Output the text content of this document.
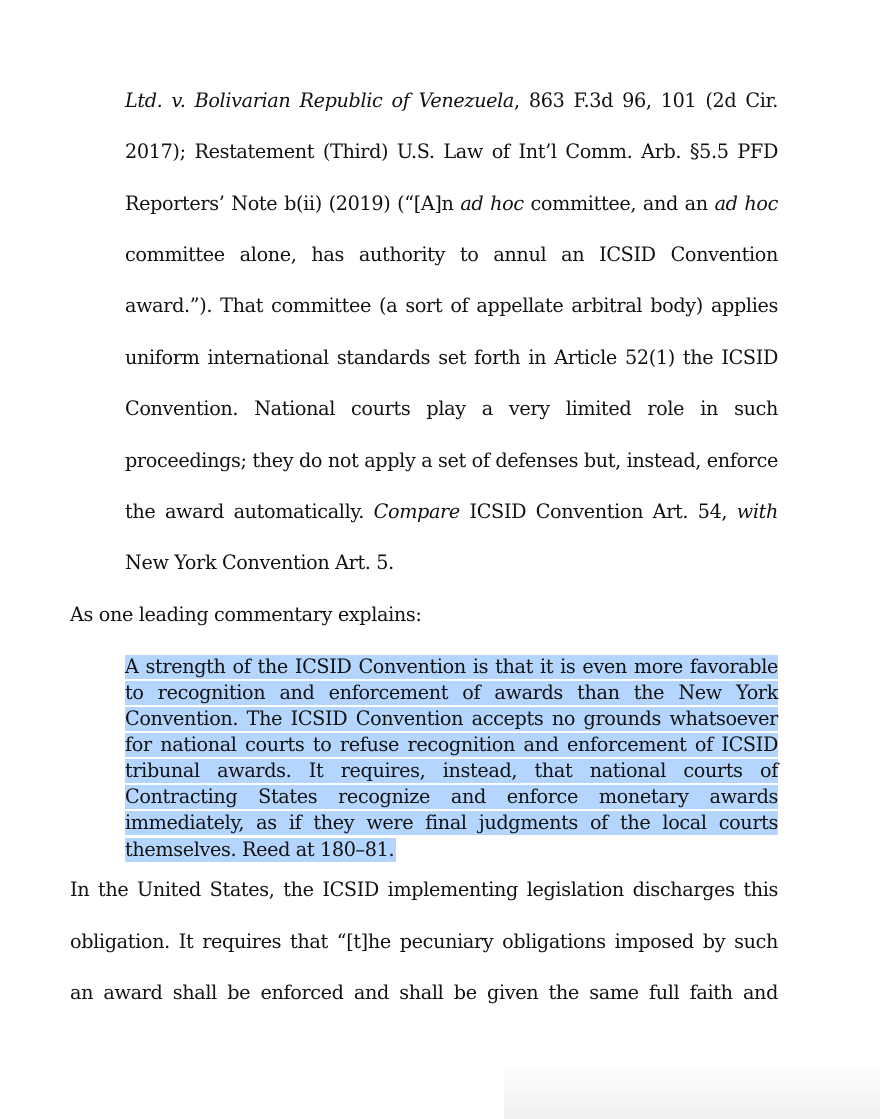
Ltd. v. Bolivarian Republic of Venezuela, 863 F.3d 96, 101 (2d Cir.
2017); Restatement (Third) U.S. Law of Int’l Comm. Arb. §5.5 PFD
Reporters’ Note b(ii) (2019) (“[A]n ad hoc committee, and an ad hoc
committee alone, has authority to annul an ICSID Convention
award.”). That committee (a sort of appellate arbitral body) applies
uniform international standards set forth in Article 52(1) the ICSID
Convention. National courts play a very limited role in such
proceedings; they do not apply a set of defenses but, instead, enforce
the award automatically. Compare ICSID Convention Art. 54, with
New York Convention Art. 5.
As one leading commentary explains:
A strength of the ICSID Convention is that it is even more favorable
to recognition and enforcement of awards than the New York
Convention. The ICSID Convention accepts no grounds whatsoever
for national courts to refuse recognition and enforcement of ICSID
tribunal awards. It requires, instead, that national courts of
Contracting States recognize and enforce monetary awards
immediately, as if they were final judgments of the local courts
themselves. Reed at 180–81.
In the United States, the ICSID implementing legislation discharges this
obligation. It requires that “[t]he pecuniary obligations imposed by such
an award shall be enforced and shall be given the same full faith and
